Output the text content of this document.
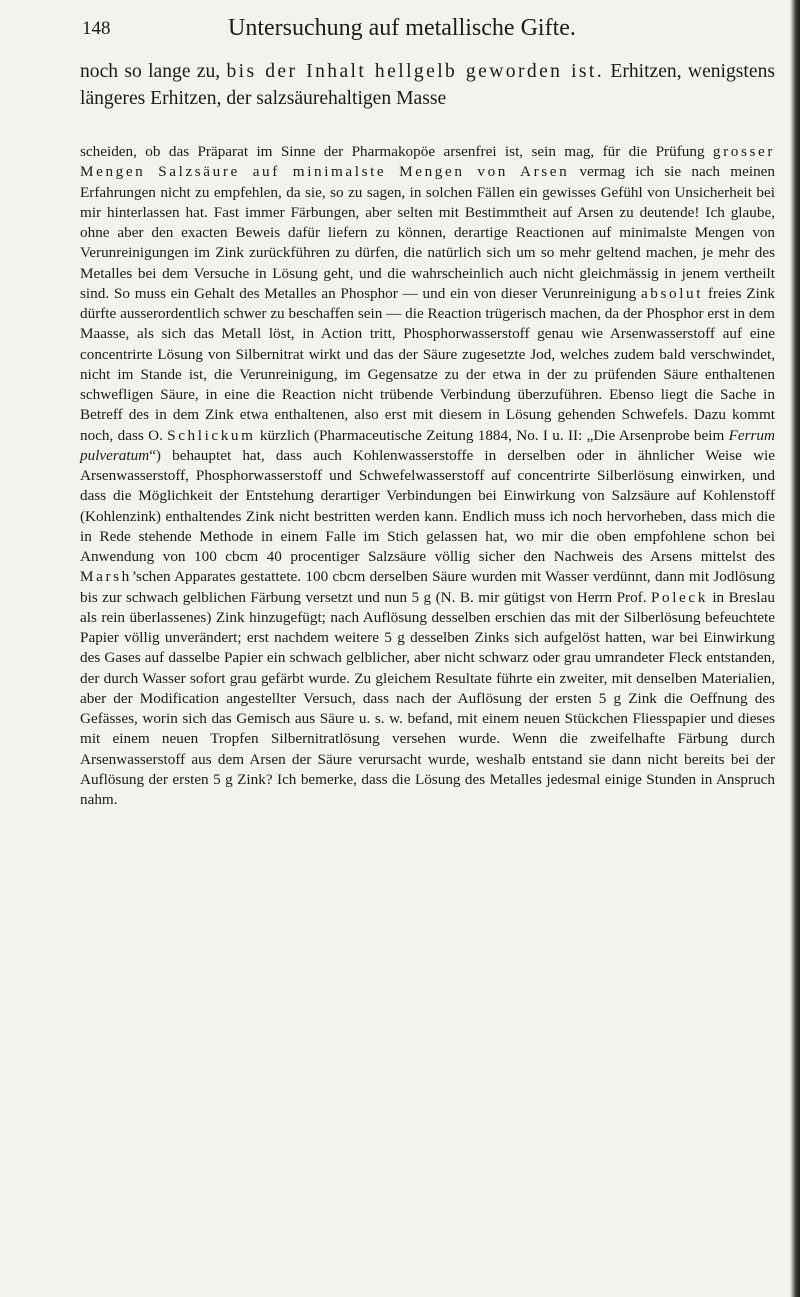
148	Untersuchung auf metallische Gifte.

noch so lange zu, bis der Inhalt hellgelb geworden ist. Erhitzen, wenigstens längeres Erhitzen, der salzsäurehaltigen Masse

scheiden, ob das Präparat im Sinne der Pharmakopöe arsenfrei ist, sein mag, für die Prüfung grosser Mengen Salzsäure auf minimalste Mengen von Arsen vermag ich sie nach meinen Erfahrungen nicht zu empfehlen, da sie, so zu sagen, in solchen Fällen ein gewisses Gefühl von Unsicherheit bei mir hinterlassen hat. Fast immer Färbungen, aber selten mit Bestimmtheit auf Arsen zu deutende! Ich glaube, ohne aber den exacten Beweis dafür liefern zu können, derartige Reactionen auf minimalste Mengen von Verunreinigungen im Zink zurückführen zu dürfen, die natürlich sich um so mehr geltend machen, je mehr des Metalles bei dem Versuche in Lösung geht, und die wahrscheinlich auch nicht gleichmässig in jenem vertheilt sind. So muss ein Gehalt des Metalles an Phosphor — und ein von dieser Verunreinigung absolut freies Zink dürfte ausserordentlich schwer zu beschaffen sein — die Reaction trügerisch machen, da der Phosphor erst in dem Maasse, als sich das Metall löst, in Action tritt, Phosphorwasserstoff genau wie Arsenwasserstoff auf eine concentrirte Lösung von Silbernitrat wirkt und das der Säure zugesetzte Jod, welches zudem bald verschwindet, nicht im Stande ist, die Verunreinigung, im Gegensatze zu der etwa in der zu prüfenden Säure enthaltenen schwefligen Säure, in eine die Reaction nicht trübende Verbindung überzuführen. Ebenso liegt die Sache in Betreff des in dem Zink etwa enthaltenen, also erst mit diesem in Lösung gehenden Schwefels. Dazu kommt noch, dass O. Schlickum kürzlich (Pharmaceutische Zeitung 1884, No. I u. II: „Die Arsenprobe beim Ferrum pulveratum“) behauptet hat, dass auch Kohlenwasserstoffe in derselben oder in ähnlicher Weise wie Arsenwasserstoff, Phosphorwasserstoff und Schwefelwasserstoff auf concentrirte Silberlösung einwirken, und dass die Möglichkeit der Entstehung derartiger Verbindungen bei Einwirkung von Salzsäure auf Kohlenstoff (Kohlenzink) enthaltendes Zink nicht bestritten werden kann. Endlich muss ich noch hervorheben, dass mich die in Rede stehende Methode in einem Falle im Stich gelassen hat, wo mir die oben empfohlene schon bei Anwendung von 100 cbcm 40 procentiger Salzsäure völlig sicher den Nachweis des Arsens mittelst des Marsh’schen Apparates gestattete. 100 cbcm derselben Säure wurden mit Wasser verdünnt, dann mit Jodlösung bis zur schwach gelblichen Färbung versetzt und nun 5 g (N. B. mir gütigst von Herrn Prof. Poleck in Breslau als rein überlassenes) Zink hinzugefügt; nach Auflösung desselben erschien das mit der Silberlösung befeuchtete Papier völlig unverändert; erst nachdem weitere 5 g desselben Zinks sich aufgelöst hatten, war bei Einwirkung des Gases auf dasselbe Papier ein schwach gelblicher, aber nicht schwarz oder grau umrandeter Fleck entstanden, der durch Wasser sofort grau gefärbt wurde. Zu gleichem Resultate führte ein zweiter, mit denselben Materialien, aber der Modification angestellter Versuch, dass nach der Auflösung der ersten 5 g Zink die Oeffnung des Gefässes, worin sich das Gemisch aus Säure u. s. w. befand, mit einem neuen Stückchen Fliesspapier und dieses mit einem neuen Tropfen Silbernitratlösung versehen wurde. Wenn die zweifelhafte Färbung durch Arsenwasserstoff aus dem Arsen der Säure verursacht wurde, weshalb entstand sie dann nicht bereits bei der Auflösung der ersten 5 g Zink? Ich bemerke, dass die Lösung des Metalles jedesmal einige Stunden in Anspruch nahm.
